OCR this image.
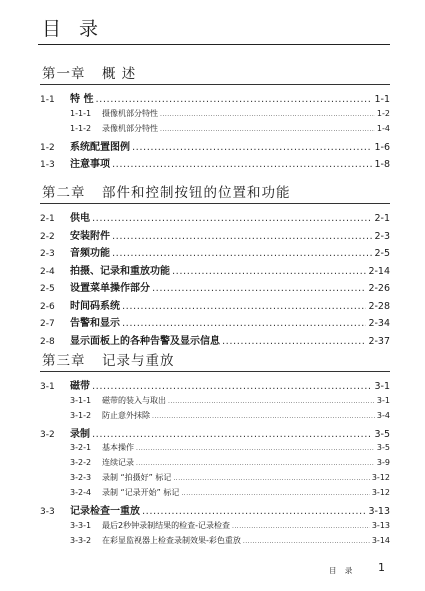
目 录
第一章 概 述
1-1	特 性 .....	1-1
1-1-1	摄像机部分特性 .....	1-2
1-1-2	录像机部分特性 .....	1-4
1-2	系统配置图例 .....	1-6
1-3	注意事项 .....	1-8
第二章 部件和控制按钮的位置和功能
2-1	供电 .....	2-1
2-2	安装附件 .....	2-3
2-3	音频功能 .....	2-5
2-4	拍摄、记录和重放功能 .....	2-14
2-5	设置菜单操作部分 .....	2-26
2-6	时间码系统 .....	2-28
2-7	告警和显示 .....	2-34
2-8	显示面板上的各种告警及显示信息 .....	2-37
第三章 记录与重放
3-1	磁带 .....	3-1
3-1-1	磁带的装入与取出 .....	3-1
3-1-2	防止意外抹除 .....	3-4
3-2	录制 .....	3-5
3-2-1	基本操作 .....	3-5
3-2-2	连续记录 .....	3-9
3-2-3	录制 “拍摄好” 标记 .....	3-12
3-2-4	录制 “记录开始” 标记 .....	3-12
3-3	记录检查一重放 .....	3-13
3-3-1	最后2秒钟录制结果的检查-记录检查 .....	3-13
3-3-2	在彩显监视器上检查录制效果-彩色重放 .....	3-14
目 录 1
